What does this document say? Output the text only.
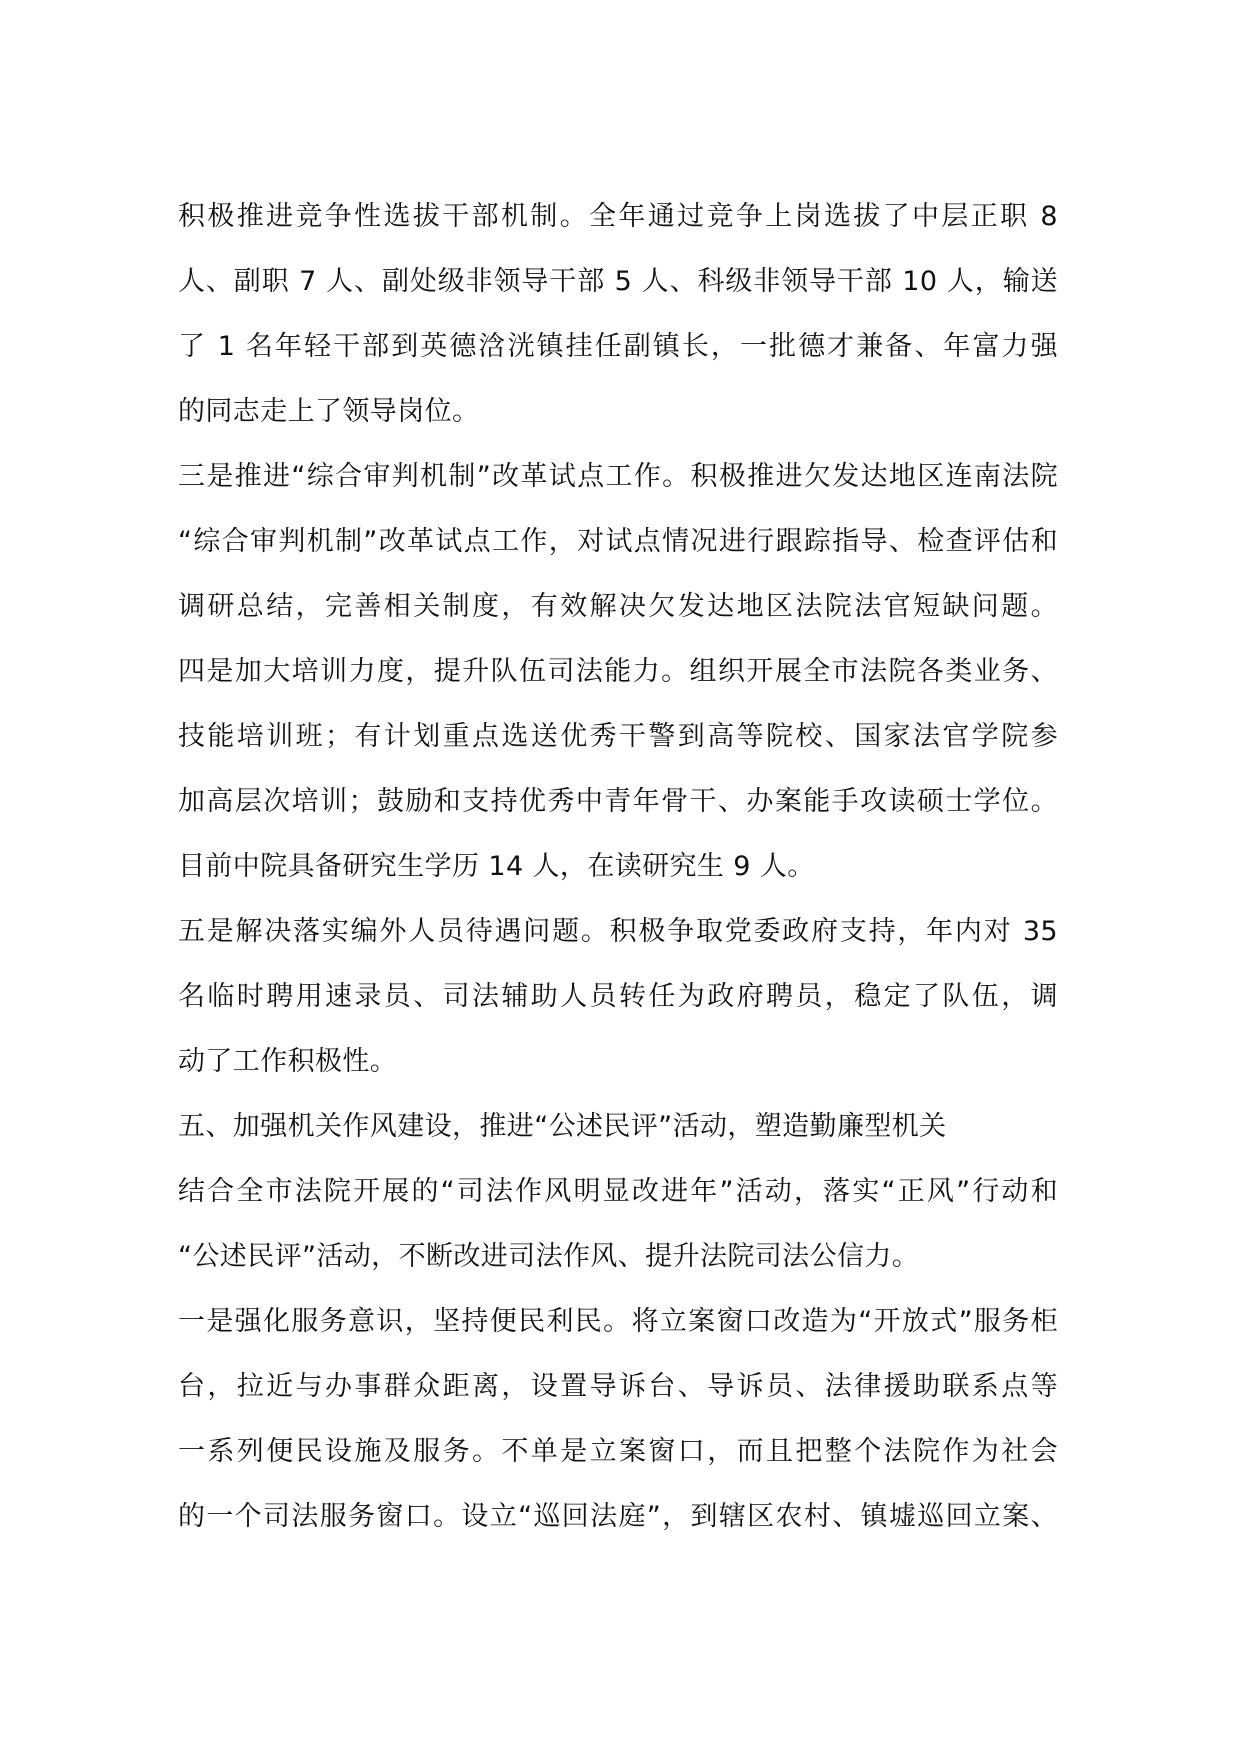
积极推进竞争性选拔干部机制。全年通过竞争上岗选拔了中层正职 8
人、副职 7 人、副处级非领导干部 5 人、科级非领导干部 10 人，输送
了 1 名年轻干部到英德浛洸镇挂任副镇长，一批德才兼备、年富力强
的同志走上了领导岗位。
三是推进“综合审判机制”改革试点工作。积极推进欠发达地区连南法院
“综合审判机制”改革试点工作，对试点情况进行跟踪指导、检查评估和
调研总结，完善相关制度，有效解决欠发达地区法院法官短缺问题。
四是加大培训力度，提升队伍司法能力。组织开展全市法院各类业务、
技能培训班；有计划重点选送优秀干警到高等院校、国家法官学院参
加高层次培训；鼓励和支持优秀中青年骨干、办案能手攻读硕士学位。
目前中院具备研究生学历 14 人，在读研究生 9 人。
五是解决落实编外人员待遇问题。积极争取党委政府支持，年内对 35
名临时聘用速录员、司法辅助人员转任为政府聘员，稳定了队伍，调
动了工作积极性。
五、加强机关作风建设，推进“公述民评”活动，塑造勤廉型机关
结合全市法院开展的“司法作风明显改进年”活动，落实“正风”行动和
“公述民评”活动，不断改进司法作风、提升法院司法公信力。
一是强化服务意识，坚持便民利民。将立案窗口改造为“开放式”服务柜
台，拉近与办事群众距离，设置导诉台、导诉员、法律援助联系点等
一系列便民设施及服务。不单是立案窗口，而且把整个法院作为社会
的一个司法服务窗口。设立“巡回法庭”，到辖区农村、镇墟巡回立案、
